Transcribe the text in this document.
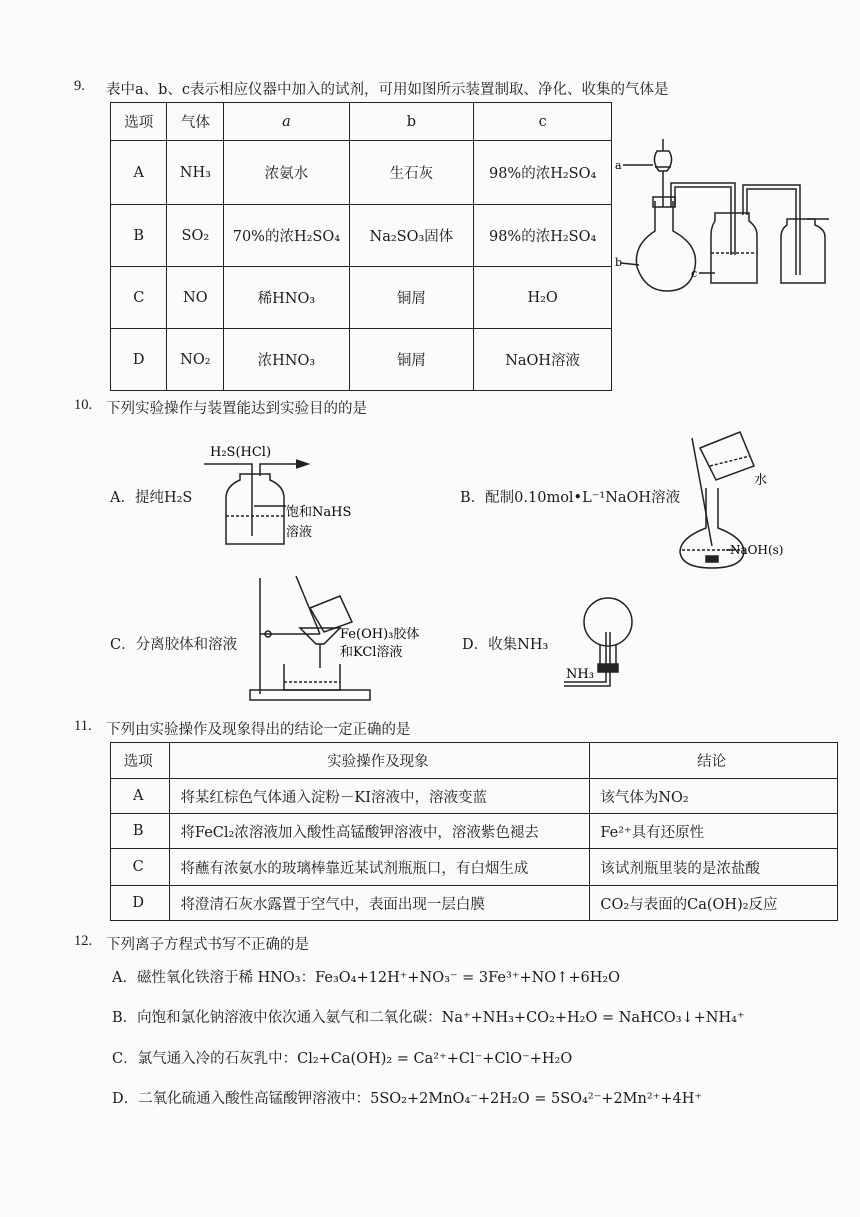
9. 表中a、b、c表示相应仪器中加入的试剂，可用如图所示装置制取、净化、收集的气体是
选项	气体	a	b	c
A	NH₃	浓氨水	生石灰	98%的浓H₂SO₄
B	SO₂	70%的浓H₂SO₄	Na₂SO₃固体	98%的浓H₂SO₄
C	NO	稀HNO₃	铜屑	H₂O
D	NO₂	浓HNO₃	铜屑	NaOH溶液
a
b
c
10. 下列实验操作与装置能达到实验目的的是
A．提纯H₂S
H₂S(HCl)
饱和NaHS
溶液
B．配制0.10mol•L⁻¹NaOH溶液
水
NaOH(s)
C．分离胶体和溶液
Fe(OH)₃胶体
和KCl溶液	D．收集NH₃
NH₃
11. 下列由实验操作及现象得出的结论一定正确的是
选项	实验操作及现象	结论
A	将某红棕色气体通入淀粉－KI溶液中，溶液变蓝	该气体为NO₂
B	将FeCl₂浓溶液加入酸性高锰酸钾溶液中，溶液紫色褪去	Fe²⁺具有还原性
C	将蘸有浓氨水的玻璃棒靠近某试剂瓶瓶口，有白烟生成	该试剂瓶里装的是浓盐酸
D	将澄清石灰水露置于空气中，表面出现一层白膜	CO₂与表面的Ca(OH)₂反应
12. 下列离子方程式书写不正确的是
A．磁性氧化铁溶于稀 HNO₃：Fe₃O₄+12H⁺+NO₃⁻ = 3Fe³⁺+NO↑+6H₂O
B．向饱和氯化钠溶液中依次通入氨气和二氧化碳：Na⁺+NH₃+CO₂+H₂O = NaHCO₃↓+NH₄⁺
C．氯气通入冷的石灰乳中：Cl₂+Ca(OH)₂ = Ca²⁺+Cl⁻+ClO⁻+H₂O
D．二氧化硫通入酸性高锰酸钾溶液中：5SO₂+2MnO₄⁻+2H₂O = 5SO₄²⁻+2Mn²⁺+4H⁺
